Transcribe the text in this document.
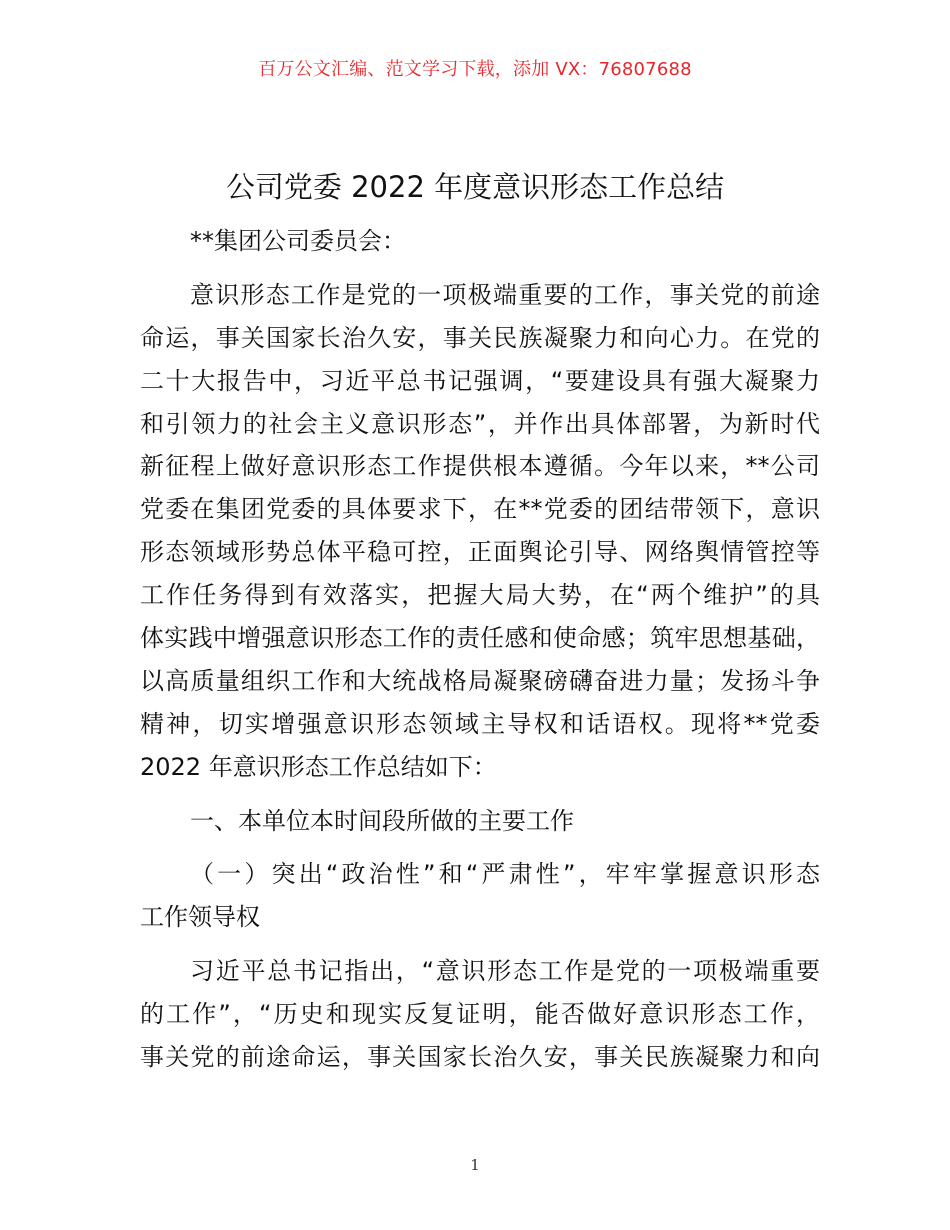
百万公文汇编、范文学习下载，添加 VX：76807688
公司党委 2022 年度意识形态工作总结
**集团公司委员会：
意识形态工作是党的一项极端重要的工作，事关党的前途
命运，事关国家长治久安，事关民族凝聚力和向心力。在党的
二十大报告中，习近平总书记强调，“要建设具有强大凝聚力
和引领力的社会主义意识形态”，并作出具体部署，为新时代
新征程上做好意识形态工作提供根本遵循。今年以来，**公司
党委在集团党委的具体要求下，在**党委的团结带领下，意识
形态领域形势总体平稳可控，正面舆论引导、网络舆情管控等
工作任务得到有效落实，把握大局大势，在“两个维护”的具
体实践中增强意识形态工作的责任感和使命感；筑牢思想基础，
以高质量组织工作和大统战格局凝聚磅礴奋进力量；发扬斗争
精神，切实增强意识形态领域主导权和话语权。现将**党委
2022 年意识形态工作总结如下：
一、本单位本时间段所做的主要工作
（一）突出“政治性”和“严肃性”，牢牢掌握意识形态
工作领导权
习近平总书记指出，“意识形态工作是党的一项极端重要
的工作”，“历史和现实反复证明，能否做好意识形态工作，
事关党的前途命运，事关国家长治久安，事关民族凝聚力和向
1
